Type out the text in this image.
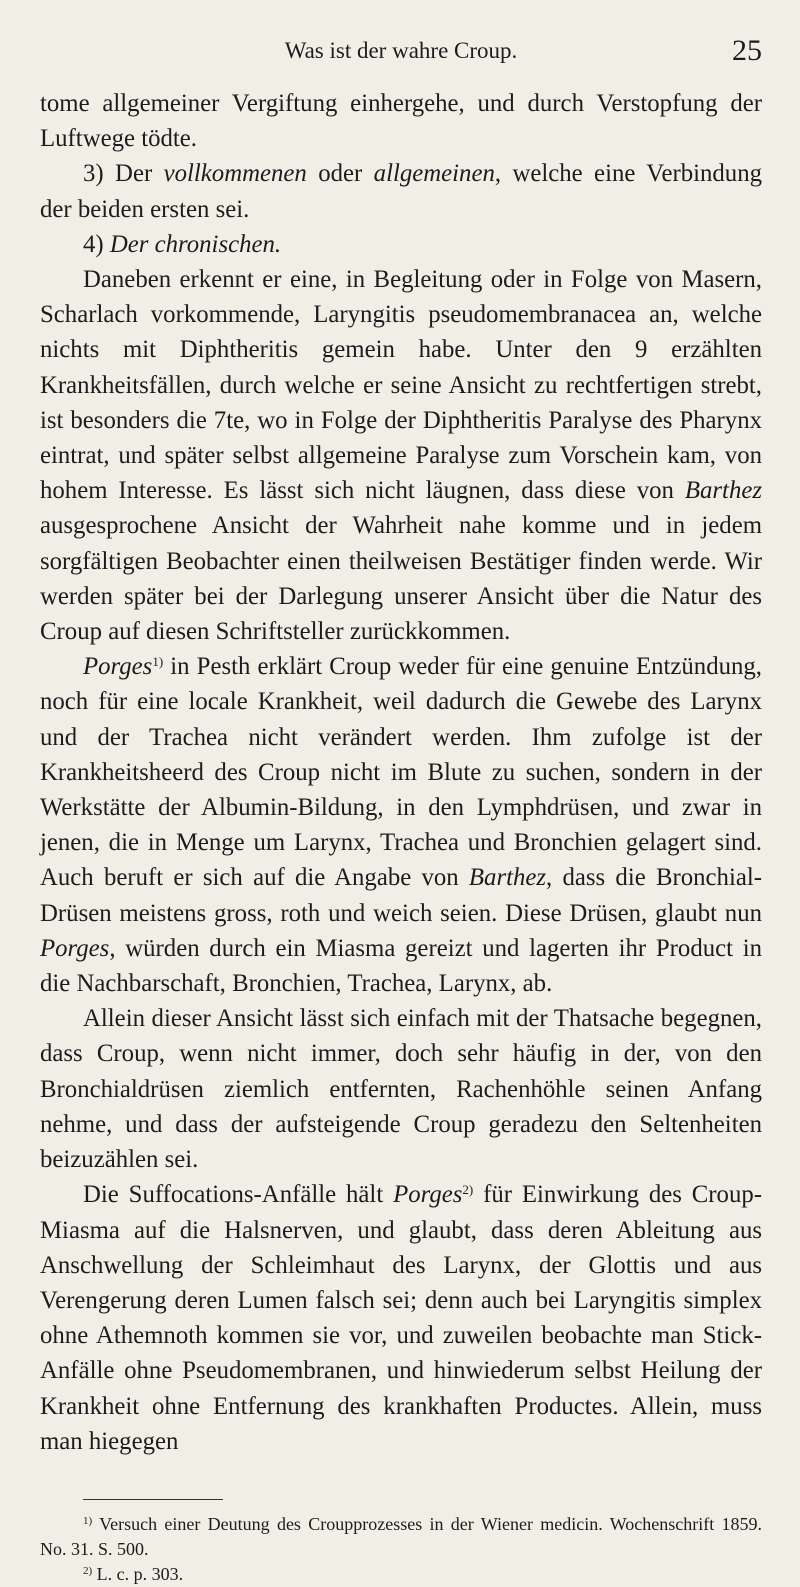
Was ist der wahre Croup.	25

tome allgemeiner Vergiftung einhergehe, und durch Verstopfung der Luftwege tödte.

3) Der vollkommenen oder allgemeinen, welche eine Verbindung der beiden ersten sei.

4) Der chronischen.

Daneben erkennt er eine, in Begleitung oder in Folge von Masern, Scharlach vorkommende, Laryngitis pseudomembranacea an, welche nichts mit Diphtheritis gemein habe. Unter den 9 erzählten Krankheitsfällen, durch welche er seine Ansicht zu rechtfertigen strebt, ist besonders die 7te, wo in Folge der Diphtheritis Paralyse des Pharynx eintrat, und später selbst allgemeine Paralyse zum Vorschein kam, von hohem Interesse. Es lässt sich nicht läugnen, dass diese von Barthez ausgesprochene Ansicht der Wahrheit nahe komme und in jedem sorgfältigen Beobachter einen theilweisen Bestätiger finden werde. Wir werden später bei der Darlegung unserer Ansicht über die Natur des Croup auf diesen Schriftsteller zurückkommen.

Porges$^{1)}$ in Pesth erklärt Croup weder für eine genuine Entzündung, noch für eine locale Krankheit, weil dadurch die Gewebe des Larynx und der Trachea nicht verändert werden. Ihm zufolge ist der Krankheitsheerd des Croup nicht im Blute zu suchen, sondern in der Werkstätte der Albumin-Bildung, in den Lymphdrüsen, und zwar in jenen, die in Menge um Larynx, Trachea und Bronchien gelagert sind. Auch beruft er sich auf die Angabe von Barthez, dass die Bronchial-Drüsen meistens gross, roth und weich seien. Diese Drüsen, glaubt nun Porges, würden durch ein Miasma gereizt und lagerten ihr Product in die Nachbarschaft, Bronchien, Trachea, Larynx, ab.

Allein dieser Ansicht lässt sich einfach mit der Thatsache begegnen, dass Croup, wenn nicht immer, doch sehr häufig in der, von den Bronchialdrüsen ziemlich entfernten, Rachenhöhle seinen Anfang nehme, und dass der aufsteigende Croup geradezu den Seltenheiten beizuzählen sei.

Die Suffocations-Anfälle hält Porges$^{2)}$ für Einwirkung des Croup-Miasma auf die Halsnerven, und glaubt, dass deren Ableitung aus Anschwellung der Schleimhaut des Larynx, der Glottis und aus Verengerung deren Lumen falsch sei; denn auch bei Laryngitis simplex ohne Athemnoth kommen sie vor, und zuweilen beobachte man Stick-Anfälle ohne Pseudomembranen, und hinwiederum selbst Heilung der Krankheit ohne Entfernung des krankhaften Productes. Allein, muss man hiegegen

$^{1)}$ Versuch einer Deutung des Croupprozesses in der Wiener medicin. Wochenschrift 1859. No. 31. S. 500.

$^{2)}$ L. c. p. 303.
